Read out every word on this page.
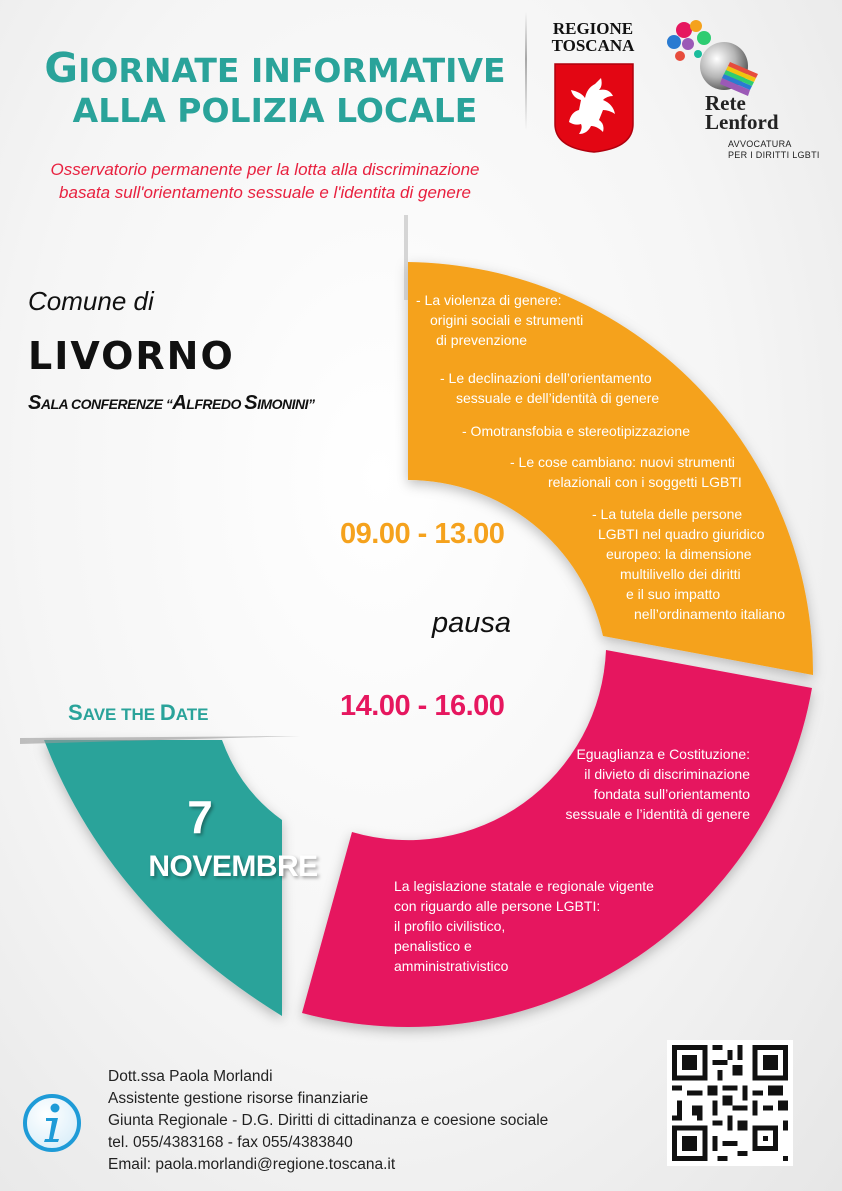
GIORNATE INFORMATIVE
ALLA POLIZIA LOCALE
Osservatorio permanente per la lotta alla discriminazione
basata sull'orientamento sessuale e l'identita di genere
REGIONE
TOSCANA
Rete
Lenford
AVVOCATURA
PER I DIRITTI LGBTI
Comune di
LIVORNO
SALA CONFERENZE “ALFREDO SIMONINI”
- La violenza di genere:
origini sociali e strumenti
di prevenzione
- Le declinazioni dell’orientamento
sessuale e dell’identità di genere
- Omotransfobia e stereotipizzazione
- Le cose cambiano: nuovi strumenti
relazionali con i soggetti LGBTI
- La tutela delle persone
LGBTI nel quadro giuridico
europeo: la dimensione
multilivello dei diritti
e il suo impatto
nell’ordinamento italiano
Eguaglianza e Costituzione:
il divieto di discriminazione
fondata sull’orientamento
sessuale e l’identità di genere
La legislazione statale e regionale vigente
con riguardo alle persone LGBTI:
il profilo civilistico,
penalistico e
amministrativistico
09.00 - 13.00
pausa
14.00 - 16.00
SAVE THE DATE
7
NOVEMBRE
Dott.ssa Paola Morlandi
Assistente gestione risorse finanziarie
Giunta Regionale - D.G. Diritti di cittadinanza e coesione sociale
tel. 055/4383168 - fax 055/4383840
Email: paola.morlandi@regione.toscana.it
